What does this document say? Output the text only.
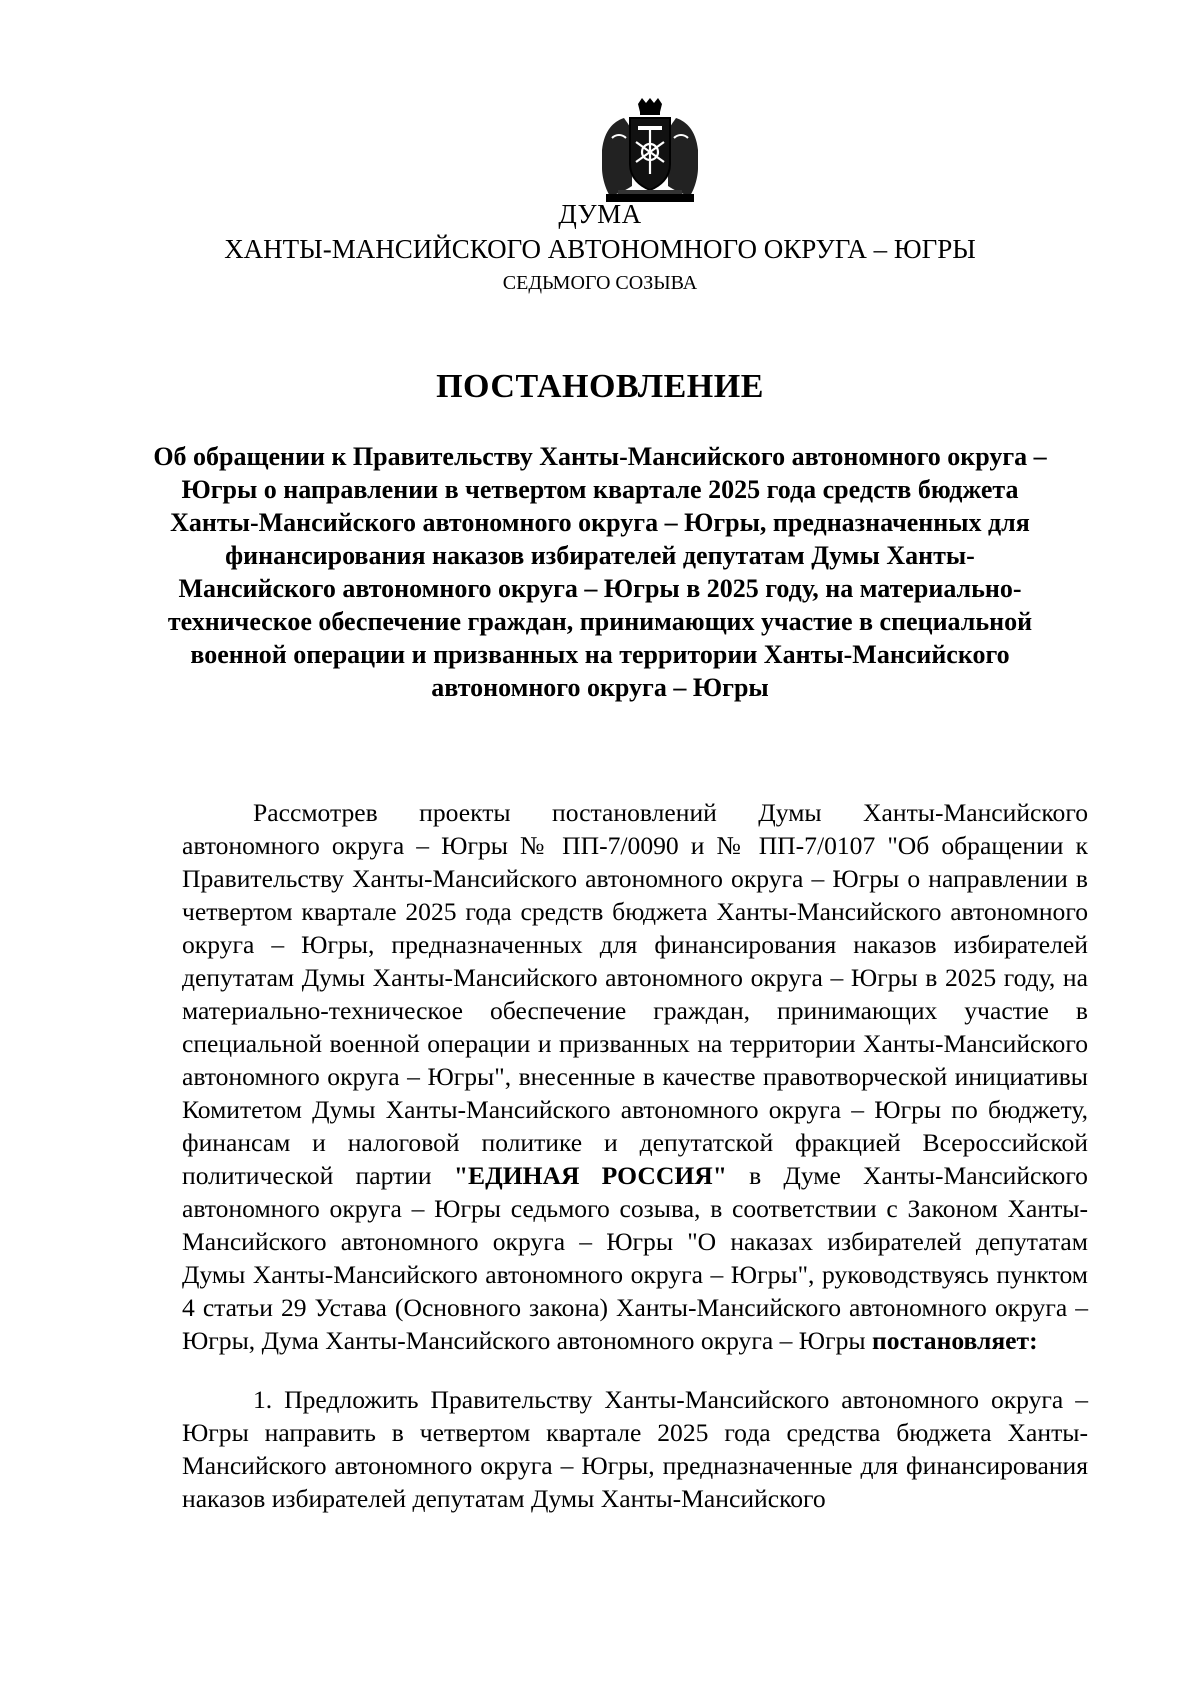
ДУМА
ХАНТЫ-МАНСИЙСКОГО АВТОНОМНОГО ОКРУГА – ЮГРЫ
СЕДЬМОГО СОЗЫВА
ПОСТАНОВЛЕНИЕ
Об обращении к Правительству Ханты-Мансийского автономного округа – Югры о направлении в четвертом квартале 2025 года средств бюджета Ханты-Мансийского автономного округа – Югры, предназначенных для финансирования наказов избирателей депутатам Думы Ханты-Мансийского автономного округа – Югры в 2025 году, на материально-техническое обеспечение граждан, принимающих участие в специальной военной операции и призванных на территории Ханты-Мансийского автономного округа – Югры

Рассмотрев проекты постановлений Думы Ханты-Мансийского автономного округа – Югры № ПП-7/0090 и № ПП-7/0107 "Об обращении к Правительству Ханты-Мансийского автономного округа – Югры о направлении в четвертом квартале 2025 года средств бюджета Ханты-Мансийского автономного округа – Югры, предназначенных для финансирования наказов избирателей депутатам Думы Ханты-Мансийского автономного округа – Югры в 2025 году, на материально-техническое обеспечение граждан, принимающих участие в специальной военной операции и призванных на территории Ханты-Мансийского автономного округа – Югры", внесенные в качестве правотворческой инициативы Комитетом Думы Ханты-Мансийского автономного округа – Югры по бюджету, финансам и налоговой политике и депутатской фракцией Всероссийской политической партии "ЕДИНАЯ РОССИЯ" в Думе Ханты-Мансийского автономного округа – Югры седьмого созыва, в соответствии с Законом Ханты-Мансийского автономного округа – Югры "О наказах избирателей депутатам Думы Ханты-Мансийского автономного округа – Югры", руководствуясь пунктом 4 статьи 29 Устава (Основного закона) Ханты-Мансийского автономного округа – Югры, Дума Ханты-Мансийского автономного округа – Югры постановляет:

1. Предложить Правительству Ханты-Мансийского автономного округа – Югры направить в четвертом квартале 2025 года средства бюджета Ханты-Мансийского автономного округа – Югры, предназначенные для финансирования наказов избирателей депутатам Думы Ханты-Мансийского
